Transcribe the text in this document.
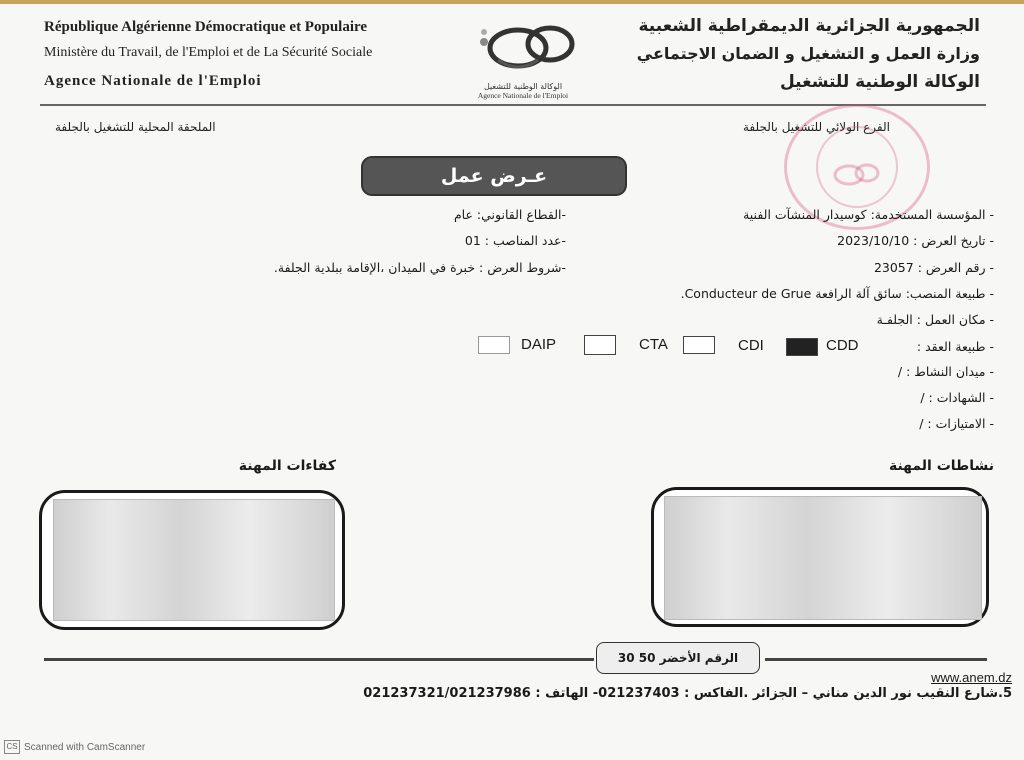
République Algérienne Démocratique et Populaire
Ministère du Travail, de l'Emploi et de La Sécurité Sociale
Agence Nationale de l'Emploi	الوكالة الوطنية للتشغيل
Agence Nationale de l'Emploi
الجمهورية الجزائرية الديمقراطية الشعبية
وزارة العمل و التشغيل و الضمان الاجتماعي
الوكالة الوطنية للتشغيل
الملحقة المحلية للتشغيل بالجلفة	الفرع الولائي للتشغيل بالجلفة
عـرض عمل
- المؤسسة المستخدمة: كوسيدار المنشآت الفنية
- تاريخ العرض : 2023/10/10
- رقم العرض : 23057
- طبيعة المنصب: سائق آلة الرافعة Conducteur de Grue.
- مكان العمل : الجلفـة
- طبيعة العقد :
- ميدان النشاط : /
- الشهادات : /
- الامتيازات : /
-القطاع القانوني: عام
-عدد المناصب : 01
-شروط العرض : خبرة في الميدان ،الإقامة ببلدية الجلفة.
CDD
CDI
CTA
DAIP
نشاطات المهنة
كفاءات المهنة
الرقم الأخضر 50 30
www.anem.dz
5.شارع النقيب نور الدين مناني – الجزائر .الفاكس : 021237403- الهاتف : 021237321/021237986
CS Scanned with CamScanner
